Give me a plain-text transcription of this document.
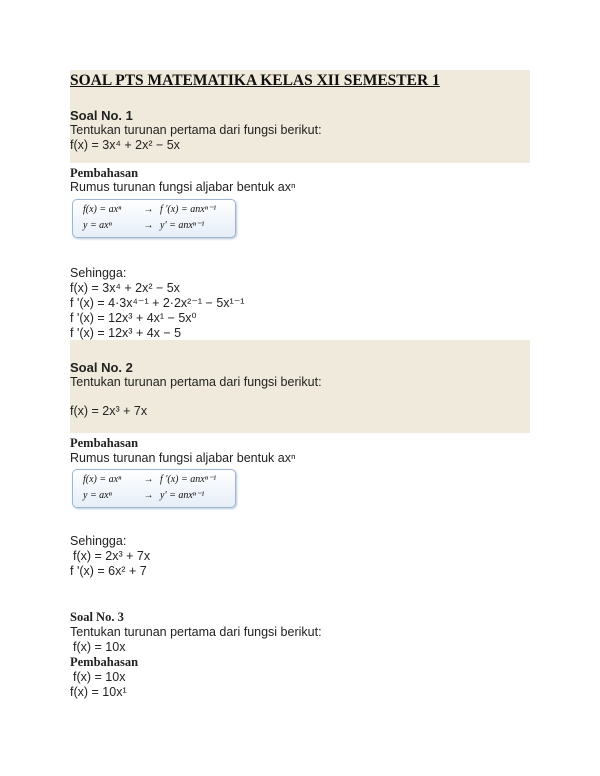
SOAL PTS MATEMATIKA KELAS XII SEMESTER 1
Soal No. 1
Tentukan turunan pertama dari fungsi berikut:
f(x) = 3x⁴ + 2x² − 5x
Pembahasan
Rumus turunan fungsi aljabar bentuk axⁿ
f(x) = axⁿ → f '(x) = anxⁿ⁻¹
y = axⁿ	→ y' = anxⁿ⁻¹
Sehingga:
f(x) = 3x⁴ + 2x² − 5x
f '(x) = 4·3x⁴⁻¹ + 2·2x²⁻¹ − 5x¹⁻¹
f '(x) = 12x³ + 4x¹ − 5x⁰
f '(x) = 12x³ + 4x − 5
Soal No. 2
Tentukan turunan pertama dari fungsi berikut:
f(x) = 2x³ + 7x
Pembahasan
Rumus turunan fungsi aljabar bentuk axⁿ
f(x) = axⁿ → f '(x) = anxⁿ⁻¹
y = axⁿ	→ y' = anxⁿ⁻¹
Sehingga:
f(x) = 2x³ + 7x
f '(x) = 6x² + 7
Soal No. 3
Tentukan turunan pertama dari fungsi berikut:
f(x) = 10x
Pembahasan
f(x) = 10x
f(x) = 10x¹
